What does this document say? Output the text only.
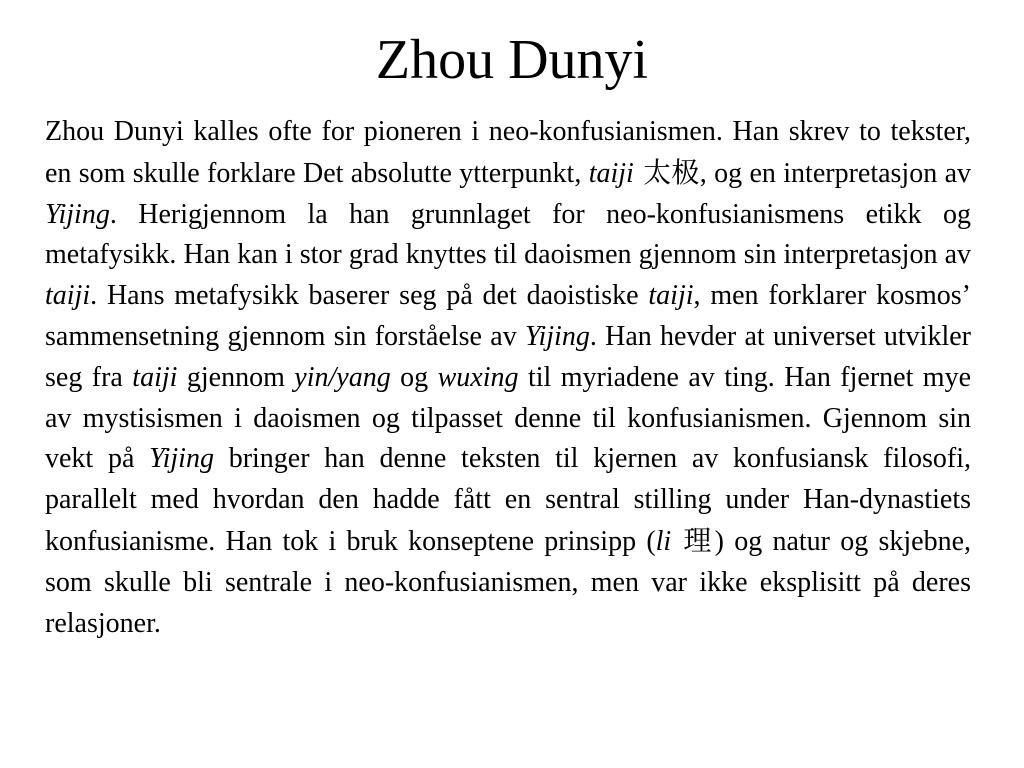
Zhou Dunyi

Zhou Dunyi kalles ofte for pioneren i neo-konfusianismen. Han skrev to tekster, en som skulle forklare Det absolutte ytterpunkt, taiji 太极, og en interpretasjon av Yijing. Herigjennom la han grunnlaget for neo-konfusianismens etikk og metafysikk. Han kan i stor grad knyttes til daoismen gjennom sin interpretasjon av taiji. Hans metafysikk baserer seg på det daoistiske taiji, men forklarer kosmos’ sammensetning gjennom sin forståelse av Yijing. Han hevder at universet utvikler seg fra taiji gjennom yin/yang og wuxing til myriadene av ting. Han fjernet mye av mystisismen i daoismen og tilpasset denne til konfusianismen. Gjennom sin vekt på Yijing bringer han denne teksten til kjernen av konfusiansk filosofi, parallelt med hvordan den hadde fått en sentral stilling under Han-dynastiets konfusianisme. Han tok i bruk konseptene prinsipp (li 理) og natur og skjebne, som skulle bli sentrale i neo-konfusianismen, men var ikke eksplisitt på deres relasjoner.
